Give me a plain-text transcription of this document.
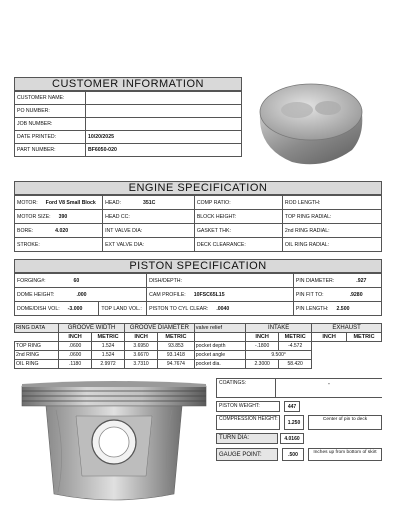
CUSTOMER INFORMATION
CUSTOMER NAME:	
PO NUMBER:	
JOB NUMBER:	
DATE PRINTED:	10/20/2025
PART NUMBER:	BF6050-020
ENGINE SPECIFICATION
MOTOR: Ford V8 Small Block	HEAD: 351C	COMP RATIO:	ROD LENGTH:
MOTOR SIZE: 390	HEAD CC:	BLOCK HEIGHT:	TOP RING RADIAL:
BORE: 4.020	INT VALVE DIA:	GASKET THK:	2nd RING RADIAL:
STROKE:	EXT VALVE DIA:	DECK CLEARANCE:	OIL RING RADIAL:
PISTON SPECIFICATION
FORGING#: 60		DISH/DEPTH:	PIN DIAMETER: .927
DOME HEIGHT: .000		CAM PROFILE: 10FSC65L15	PIN FIT TO: .9280
DOME/DISH VOL: -3.000	TOP LAND VOL.:	PISTON TO CYL CLEAR: .0040	PIN LENGTH: 2.500
RING DATA	GROOVE WIDTH		GROOVE DIAMETER		valve relief	INTAKE		EXHAUST	
	INCH	METRIC	INCH	METRIC		INCH	METRIC	INCH	METRIC
TOP RING	.0600	1.524	3.6950	93.853	pocket depth	-.1800	-4.572		
2nd RING	.0600	1.524	3.6670	93.1418	pocket angle	9.500°			
OIL RING	.1180	2.9972	3.7310	94.7674	pocket dia.	2.3000	58.420		
COATINGS:	-
PISTON WEIGHT:	447
COMPRESSION HEIGHT:
1.250
Center of pin to deck
TURN DIA:	4.0160
GAUGE POINT:	.500	Inches up from bottom of skirt
